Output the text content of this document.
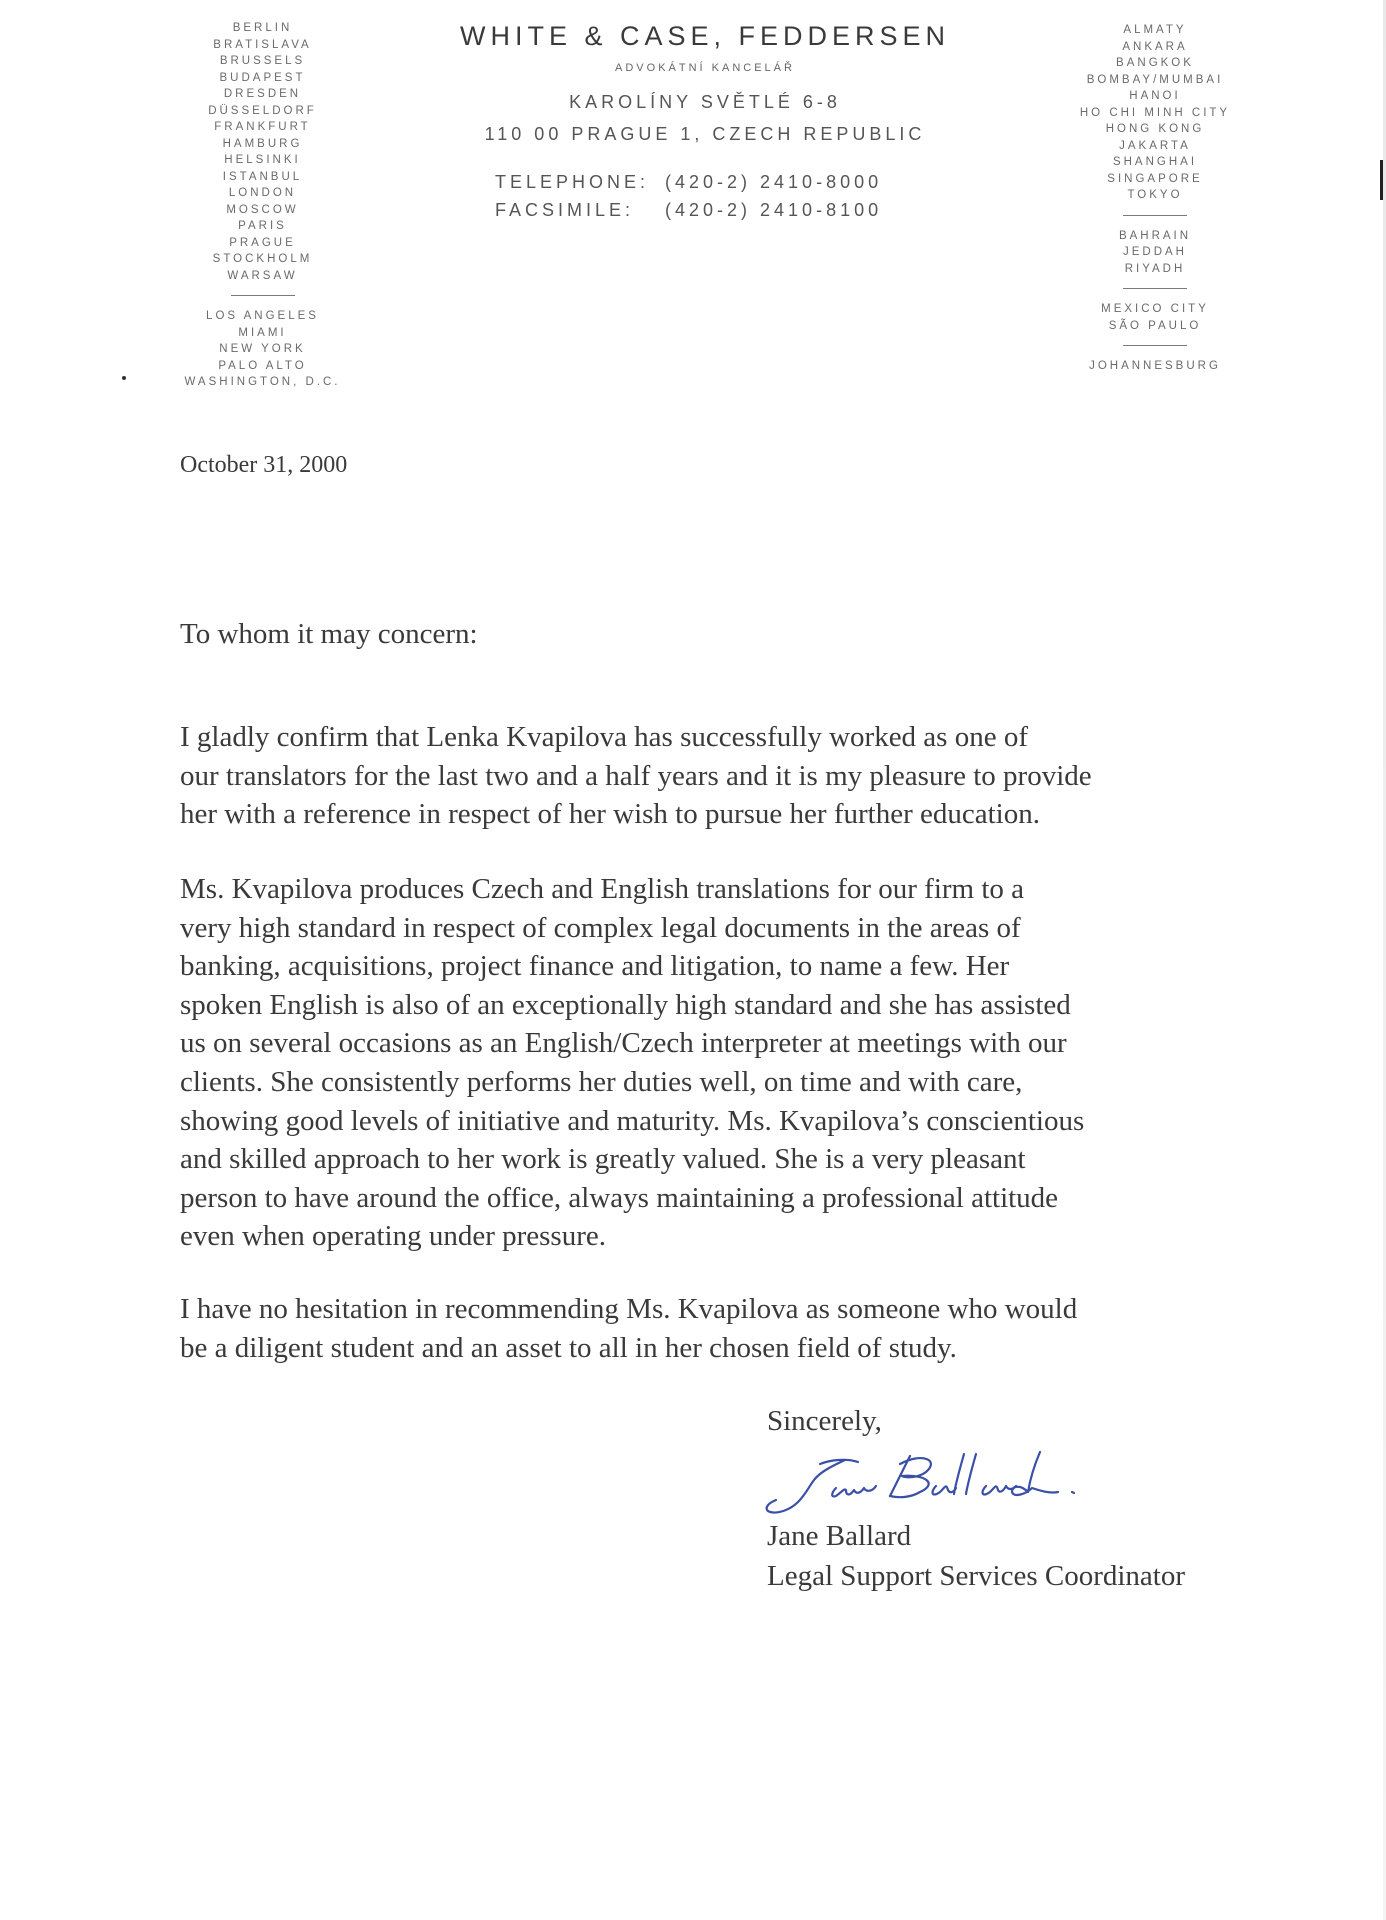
BERLIN
BRATISLAVA
BRUSSELS
BUDAPEST
DRESDEN
DÜSSELDORF
FRANKFURT
HAMBURG
HELSINKI
ISTANBUL
LONDON
MOSCOW
PARIS
PRAGUE
STOCKHOLM
WARSAW
LOS ANGELES
MIAMI
NEW YORK
PALO ALTO
WASHINGTON, D.C.
WHITE & CASE, FEDDERSEN
ADVOKÁTNÍ KANCELÁŘ
KAROLÍNY SVĚTLÉ 6-8
110 00 PRAGUE 1, CZECH REPUBLIC
TELEPHONE: (420-2) 2410-8000
FACSIMILE: (420-2) 2410-8100
ALMATY
ANKARA
BANGKOK
BOMBAY/MUMBAI
HANOI
HO CHI MINH CITY
HONG KONG
JAKARTA
SHANGHAI
SINGAPORE
TOKYO
BAHRAIN
JEDDAH
RIYADH
MEXICO CITY
SÃO PAULO
JOHANNESBURG
October 31, 2000
To whom it may concern:
I gladly confirm that Lenka Kvapilova has successfully worked as one of
our translators for the last two and a half years and it is my pleasure to provide
her with a reference in respect of her wish to pursue her further education.
Ms. Kvapilova produces Czech and English translations for our firm to a
very high standard in respect of complex legal documents in the areas of
banking, acquisitions, project finance and litigation, to name a few. Her
spoken English is also of an exceptionally high standard and she has assisted
us on several occasions as an English/Czech interpreter at meetings with our
clients. She consistently performs her duties well, on time and with care,
showing good levels of initiative and maturity. Ms. Kvapilova’s conscientious
and skilled approach to her work is greatly valued. She is a very pleasant
person to have around the office, always maintaining a professional attitude
even when operating under pressure.
I have no hesitation in recommending Ms. Kvapilova as someone who would
be a diligent student and an asset to all in her chosen field of study.
Sincerely,
Jane Ballard
Legal Support Services Coordinator
